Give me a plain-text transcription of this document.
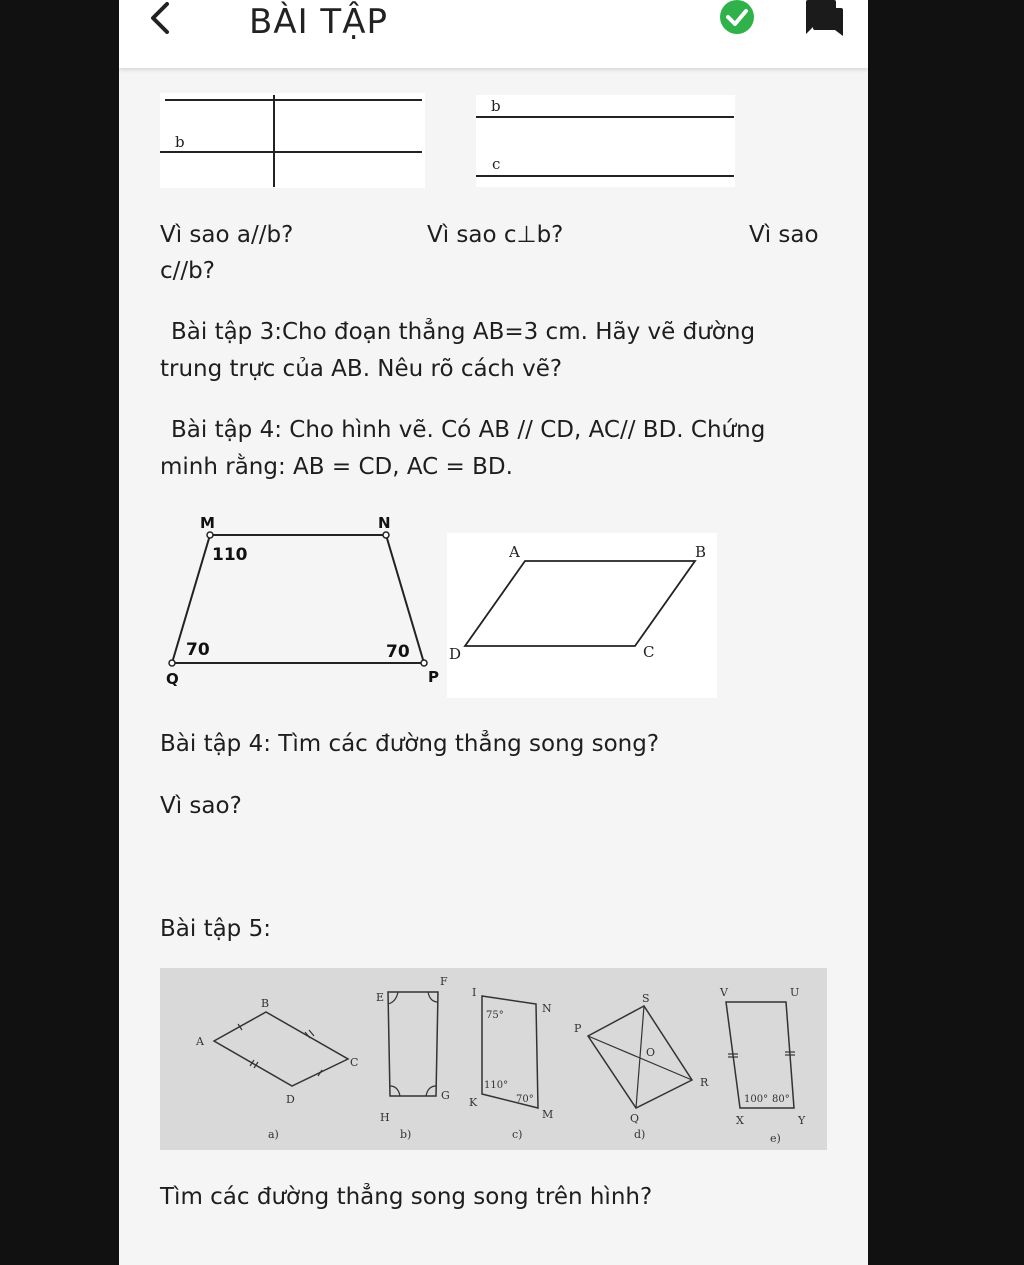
BÀI TẬP
b
b
c
Vì sao a//b?	Vì sao c⊥b?	Vì sao
c//b?
Bài tập 3:Cho đoạn thẳng AB=3 cm. Hãy vẽ đường
trung trực của AB. Nêu rõ cách vẽ?
Bài tập 4: Cho hình vẽ. Có AB // CD, AC// BD. Chứng
minh rằng: AB = CD, AC = BD.
M	N
Q	P
110
70	70
A	B
D	C
Bài tập 4: Tìm các đường thẳng song song?
Vì sao?
Bài tập 5:
B
A
C
D
a)
E
F
G
H
b)
I
N
K
M
75°
110°
70°
c)
S
P
O
R
Q
d)
V	U
X	Y
100° 80°
e)
Tìm các đường thẳng song song trên hình?
